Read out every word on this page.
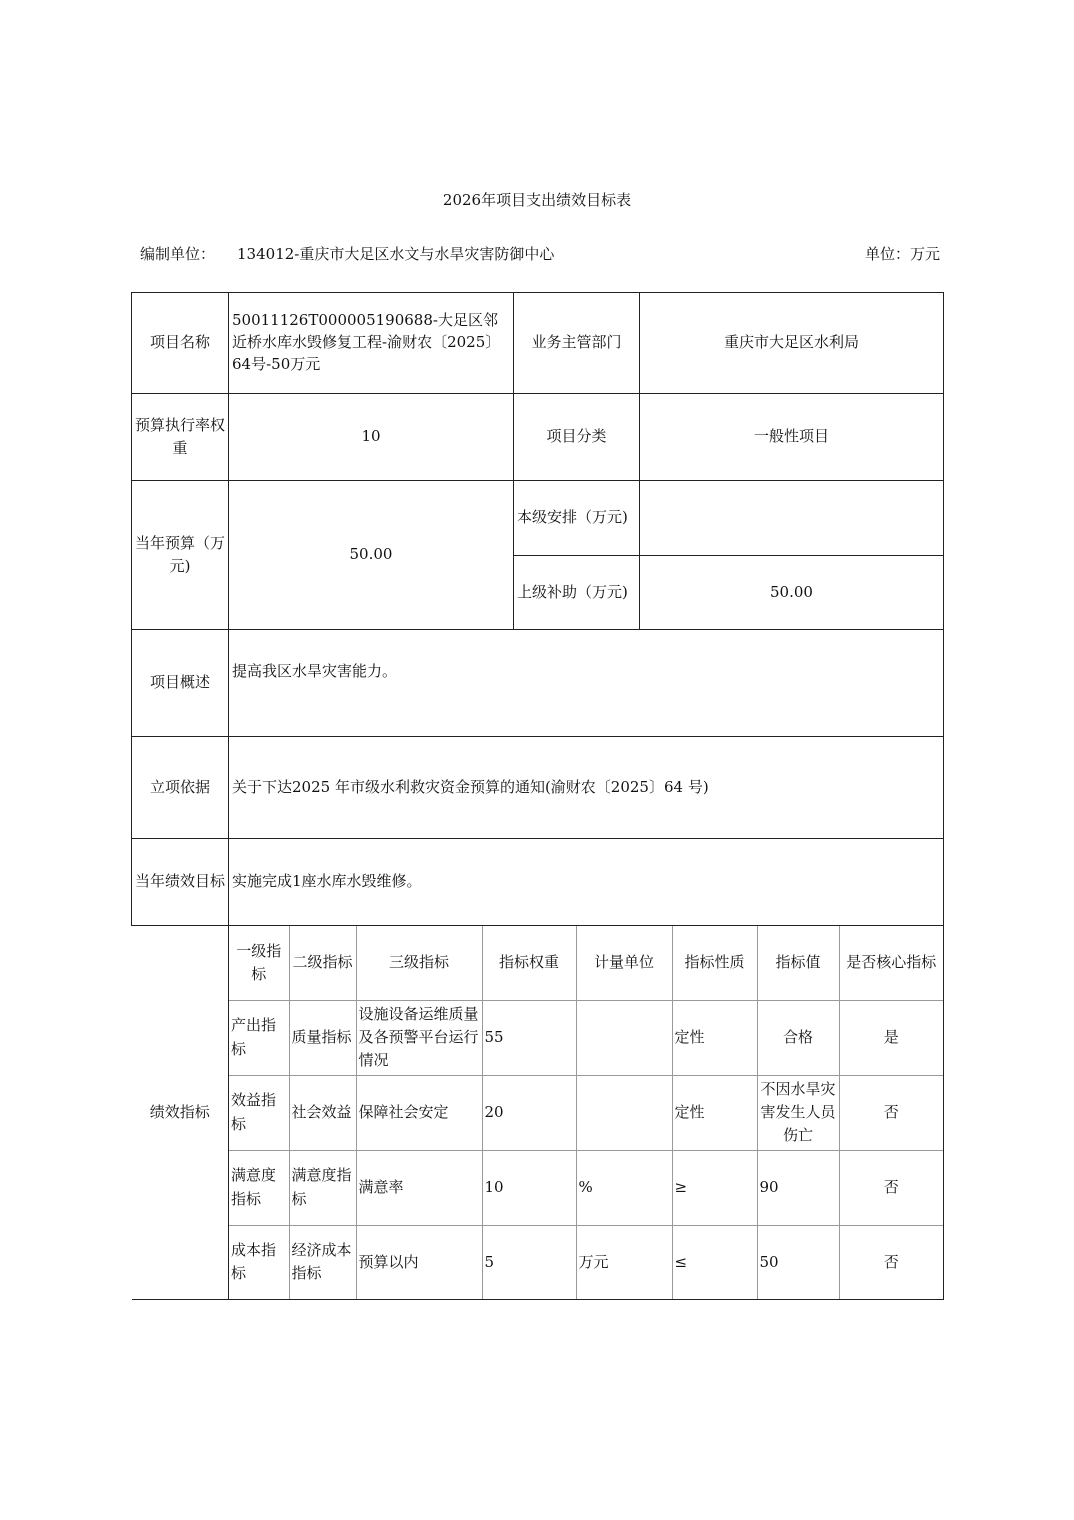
2026年项目支出绩效目标表
编制单位： 134012-重庆市大足区水文与水旱灾害防御中心	单位：万元
项目名称	50011126T000005190688-大足区邻近桥水库水毁修复工程-渝财农〔2025〕64号-50万元	业务主管部门	重庆市大足区水利局
预算执行率权重	10	项目分类	一般性项目
当年预算（万元)	50.00	本级安排（万元)	
上级补助（万元)	50.00
项目概述	提高我区水旱灾害能力。
立项依据	关于下达2025 年市级水利救灾资金预算的通知(渝财农〔2025〕64 号)
当年绩效目标	实施完成1座水库水毁维修。
绩效指标	
一级指标	二级指标	三级指标	指标权重	计量单位	指标性质	指标值	是否核心指标
产出指标	质量指标	设施设备运维质量及各预警平台运行情况	55		定性	合格	是
效益指标	社会效益	保障社会安定	20		定性	不因水旱灾害发生人员伤亡	否
满意度指标	满意度指标	满意率	10	%	≥	90	否
成本指标	经济成本指标	预算以内	5	万元	≤	50	否
